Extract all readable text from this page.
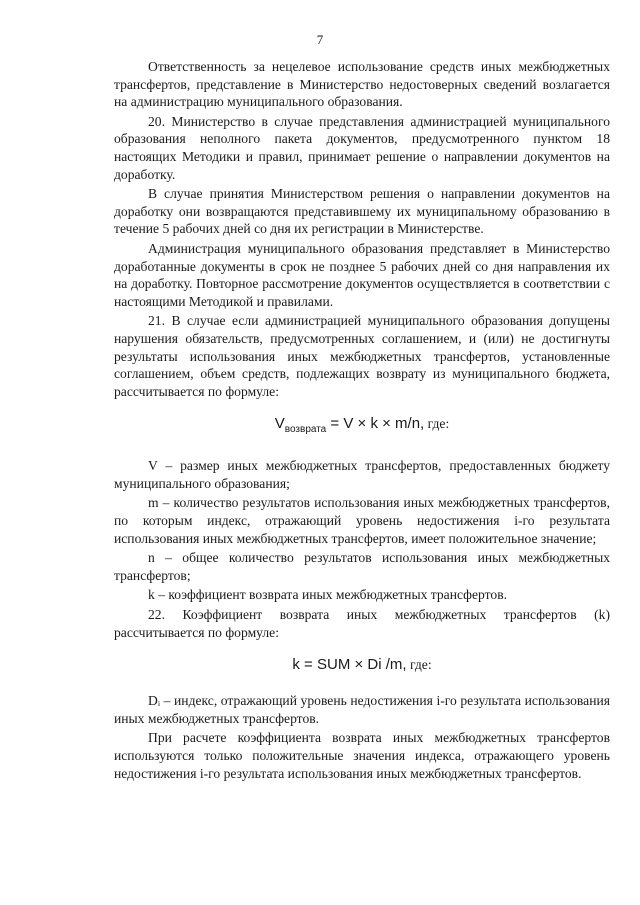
7

Ответственность за нецелевое использование средств иных межбюджетных трансфертов, представление в Министерство недостоверных сведений возлагается на администрацию муниципального образования.

20. Министерство в случае представления администрацией муниципального образования неполного пакета документов, предусмотренного пунктом 18 настоящих Методики и правил, принимает решение о направлении документов на доработку.

В случае принятия Министерством решения о направлении документов на доработку они возвращаются представившему их муниципальному образованию в течение 5 рабочих дней со дня их регистрации в Министерстве.

Администрация муниципального образования представляет в Министерство доработанные документы в срок не позднее 5 рабочих дней со дня направления их на доработку. Повторное рассмотрение документов осуществляется в соответствии с настоящими Методикой и правилами.

21. В случае если администрацией муниципального образования допущены нарушения обязательств, предусмотренных соглашением, и (или) не достигнуты результаты использования иных межбюджетных трансфертов, установленные соглашением, объем средств, подлежащих возврату из муниципального бюджета, рассчитывается по формуле:

$V_{возврата} = V \times k \times m/n$, где:

V – размер иных межбюджетных трансфертов, предоставленных бюджету муниципального образования;

m – количество результатов использования иных межбюджетных трансфертов, по которым индекс, отражающий уровень недостижения i-го результата использования иных межбюджетных трансфертов, имеет положительное значение;

n – общее количество результатов использования иных межбюджетных трансфертов;

k – коэффициент возврата иных межбюджетных трансфертов.

22. Коэффициент возврата иных межбюджетных трансфертов (k) рассчитывается по формуле:

k = SUM × Di /m, где:

Dᵢ – индекс, отражающий уровень недостижения i-го результата использования иных межбюджетных трансфертов.

При расчете коэффициента возврата иных межбюджетных трансфертов используются только положительные значения индекса, отражающего уровень недостижения i-го результата использования иных межбюджетных трансфертов.
